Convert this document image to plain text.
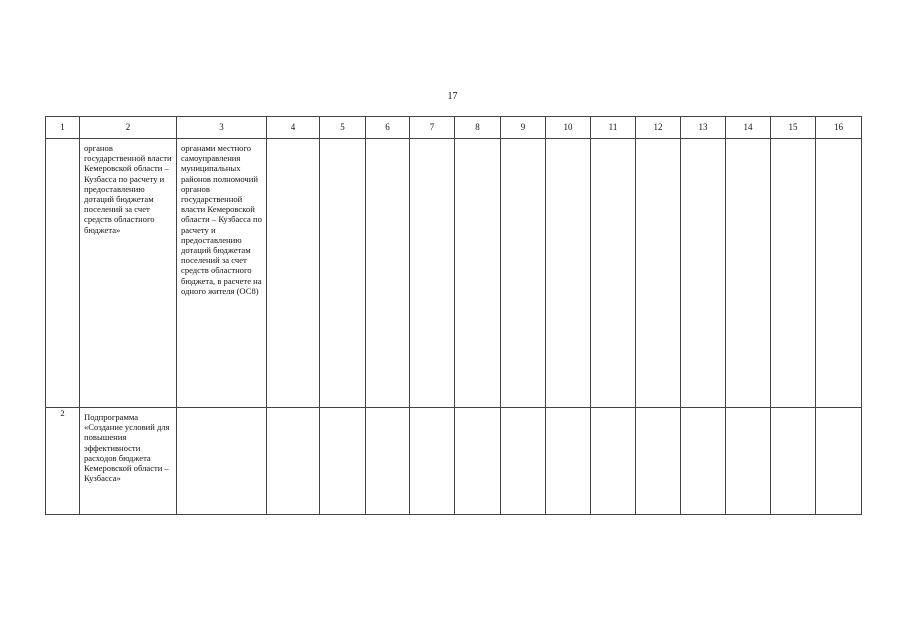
17
1	2	3	4	5	6	7	8	9	10	11	12	13	14	15	16

	органов государственной власти Кемеровской области – Кузбасса по расчету и предоставлению дотаций бюджетам поселений за счет средств областного бюджета»	органами местного самоуправления муниципальных районов полномочий органов государственной власти Кемеровской области – Кузбасса по расчету и предоставлению дотаций бюджетам поселений за счет средств областного бюджета, в расчете на одного жителя (ОС8)													

2	Подпрограмма «Создание условий для повышения эффективности расходов бюджета Кемеровской области – Кузбасса»														
